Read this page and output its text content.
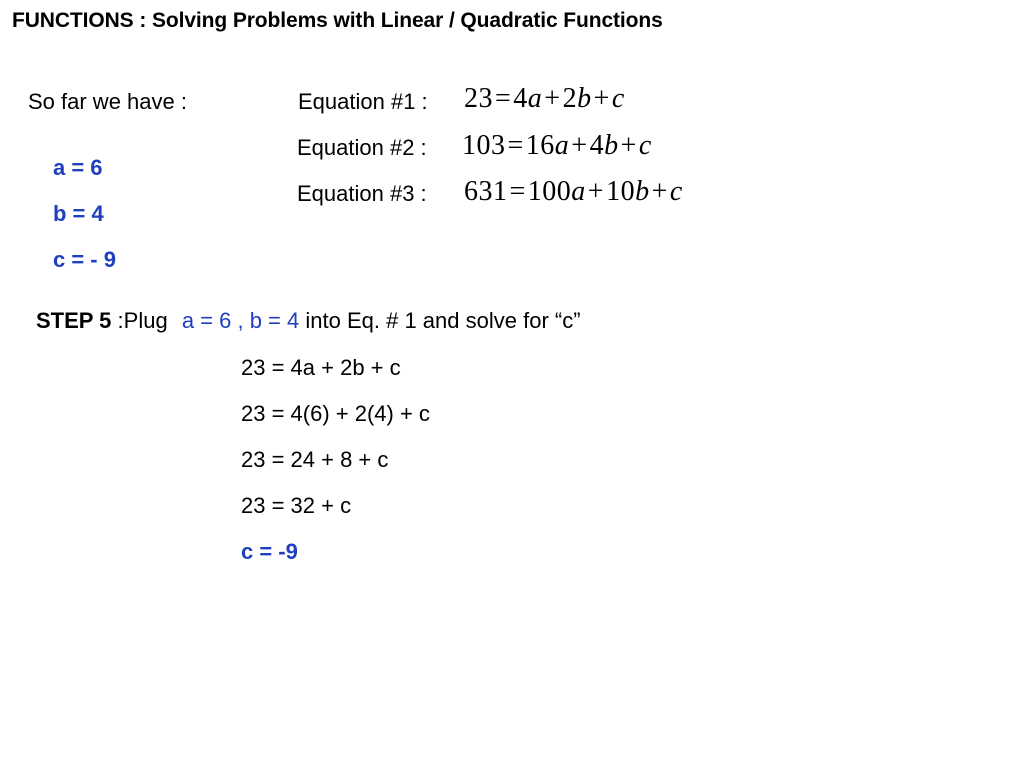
FUNCTIONS : Solving Problems with Linear / Quadratic Functions
So far we have :
a = 6
b = 4
c = - 9
Equation #1 : 23=4a+2b+c
Equation #2 : 103=16a+4b+c
Equation #3 : 631=100a+10b+c
STEP 5 :Plug a = 6 , b = 4 into Eq. # 1 and solve for “c”
23 = 4a + 2b + c
23 = 4(6) + 2(4) + c
23 = 24 + 8 + c
23 = 32 + c
c = -9
